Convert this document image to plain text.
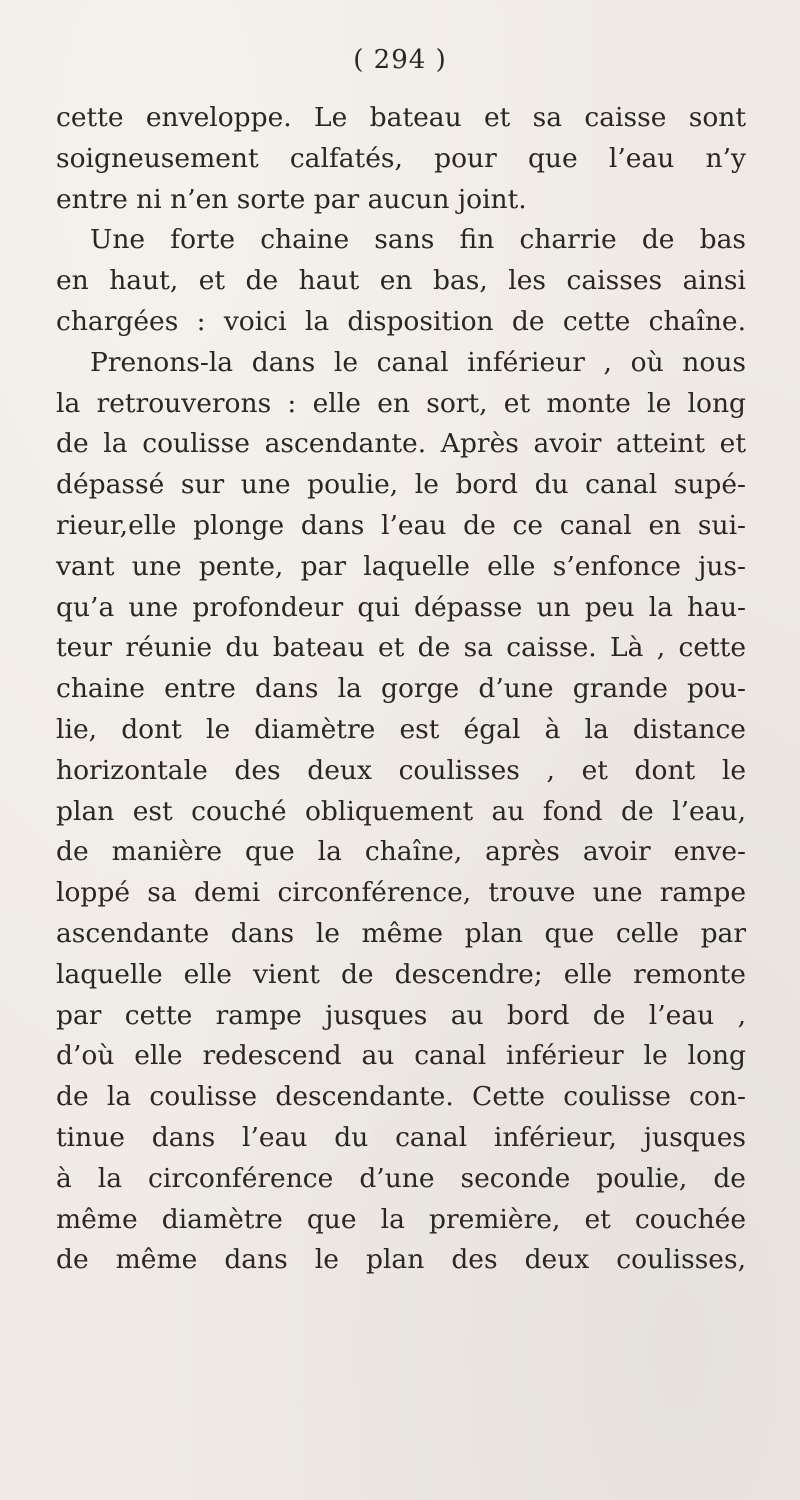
( 294 )
cette enveloppe. Le bateau et sa caisse sont
soigneusement calfatés, pour que l’eau n’y
entre ni n’en sorte par aucun joint.
Une forte chaine sans fin charrie de bas
en haut, et de haut en bas, les caisses ainsi
chargées : voici la disposition de cette chaîne.
Prenons-la dans le canal inférieur , où nous
la retrouverons : elle en sort, et monte le long
de la coulisse ascendante. Après avoir atteint et
dépassé sur une poulie, le bord du canal supé-
rieur,elle plonge dans l’eau de ce canal en sui-
vant une pente, par laquelle elle s’enfonce jus-
qu’a une profondeur qui dépasse un peu la hau-
teur réunie du bateau et de sa caisse. Là , cette
chaine entre dans la gorge d’une grande pou-
lie, dont le diamètre est égal à la distance
horizontale des deux coulisses , et dont le
plan est couché obliquement au fond de l’eau,
de manière que la chaîne, après avoir enve-
loppé sa demi circonférence, trouve une rampe
ascendante dans le même plan que celle par
laquelle elle vient de descendre; elle remonte
par cette rampe jusques au bord de l’eau ,
d’où elle redescend au canal inférieur le long
de la coulisse descendante. Cette coulisse con-
tinue dans l’eau du canal inférieur, jusques
à la circonférence d’une seconde poulie, de
même diamètre que la première, et couchée
de même dans le plan des deux coulisses,
